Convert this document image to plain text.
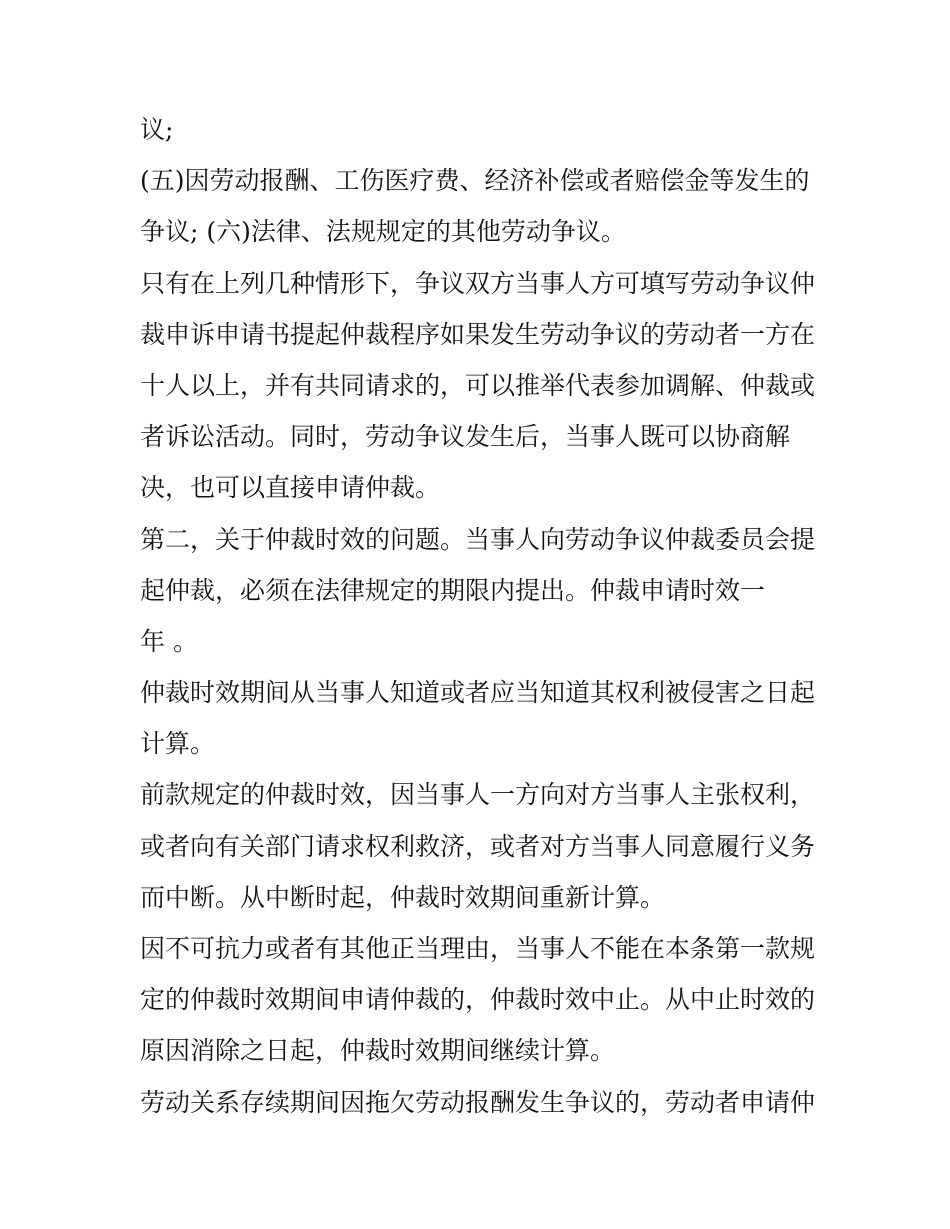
议;
(五)因劳动报酬、工伤医疗费、经济补偿或者赔偿金等发生的
争议; (六)法律、法规规定的其他劳动争议。
只有在上列几种情形下，争议双方当事人方可填写劳动争议仲
裁申诉申请书提起仲裁程序如果发生劳动争议的劳动者一方在
十人以上，并有共同请求的，可以推举代表参加调解、仲裁或
者诉讼活动。同时，劳动争议发生后，当事人既可以协商解
决，也可以直接申请仲裁。
第二，关于仲裁时效的问题。当事人向劳动争议仲裁委员会提
起仲裁，必须在法律规定的期限内提出。仲裁申请时效一
年 。
仲裁时效期间从当事人知道或者应当知道其权利被侵害之日起
计算。
前款规定的仲裁时效，因当事人一方向对方当事人主张权利，
或者向有关部门请求权利救济，或者对方当事人同意履行义务
而中断。从中断时起，仲裁时效期间重新计算。
因不可抗力或者有其他正当理由，当事人不能在本条第一款规
定的仲裁时效期间申请仲裁的，仲裁时效中止。从中止时效的
原因消除之日起，仲裁时效期间继续计算。
劳动关系存续期间因拖欠劳动报酬发生争议的，劳动者申请仲
